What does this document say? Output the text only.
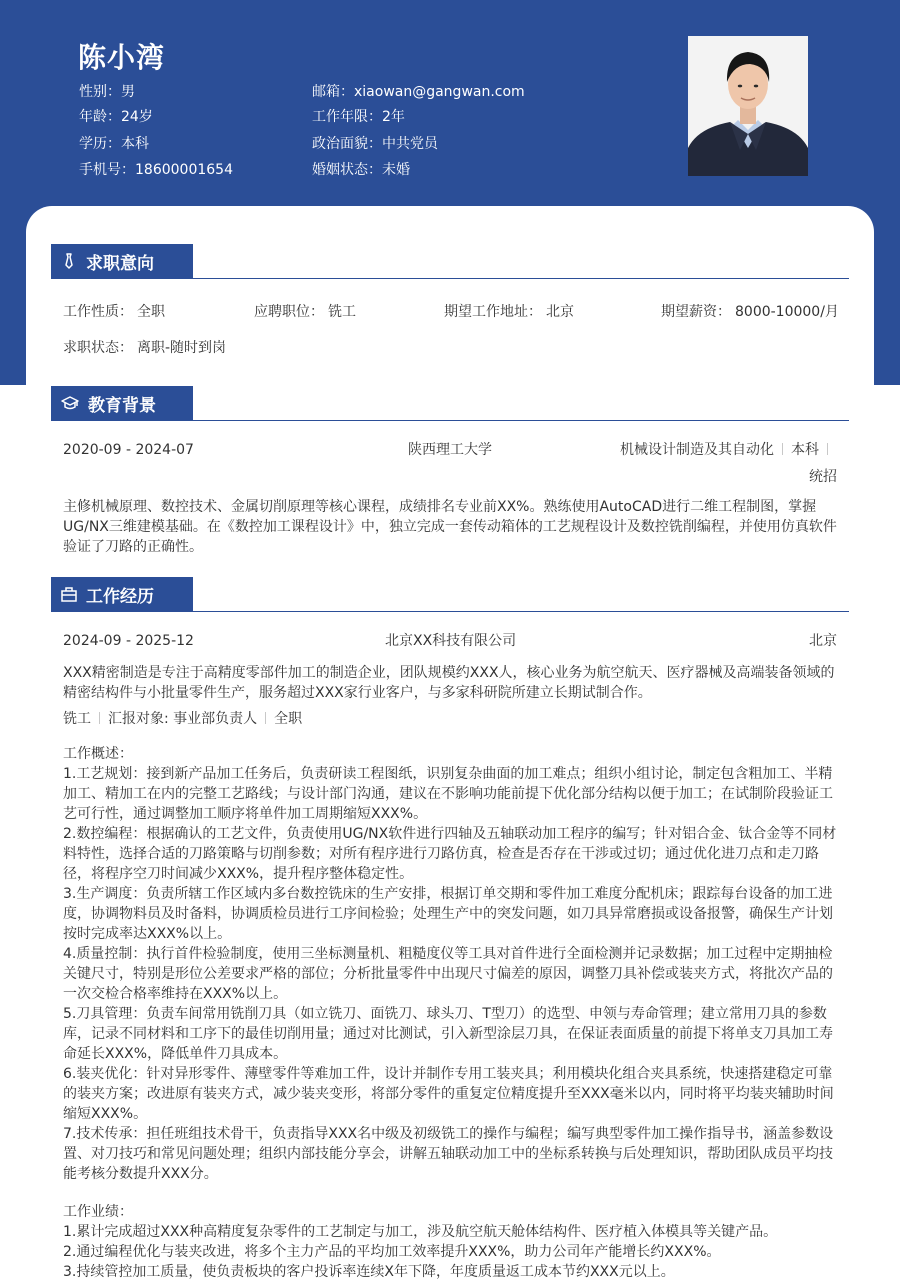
陈小湾
性别：男
年龄：24岁
学历：本科
手机号：18600001654
邮箱：xiaowan@gangwan.com
工作年限：2年
政治面貌：中共党员
婚姻状态：未婚
求职意向
工作性质： 全职	应聘职位： 铣工	期望工作地址： 北京	期望薪资： 8000-10000/月
求职状态： 离职-随时到岗
教育背景
2020-09 - 2024-07	陕西理工大学	机械设计制造及其自动化 本科
统招
主修机械原理、数控技术、金属切削原理等核心课程，成绩排名专业前XX%。熟练使用AutoCAD进行二维工程制图，掌握UG/NX三维建模基础。在《数控加工课程设计》中，独立完成一套传动箱体的工艺规程设计及数控铣削编程，并使用仿真软件验证了刀路的正确性。
工作经历
2024-09 - 2025-12	北京XX科技有限公司	北京
XXX精密制造是专注于高精度零部件加工的制造企业，团队规模约XXX人，核心业务为航空航天、医疗器械及高端装备领域的精密结构件与小批量零件生产，服务超过XXX家行业客户，与多家科研院所建立长期试制合作。
铣工 汇报对象: 事业部负责人 全职

工作概述：

1.工艺规划：接到新产品加工任务后，负责研读工程图纸，识别复杂曲面的加工难点；组织小组讨论，制定包含粗加工、半精加工、精加工在内的完整工艺路线；与设计部门沟通，建议在不影响功能前提下优化部分结构以便于加工；在试制阶段验证工艺可行性，通过调整加工顺序将单件加工周期缩短XXX%。

2.数控编程：根据确认的工艺文件，负责使用UG/NX软件进行四轴及五轴联动加工程序的编写；针对铝合金、钛合金等不同材料特性，选择合适的刀路策略与切削参数；对所有程序进行刀路仿真，检查是否存在干涉或过切；通过优化进刀点和走刀路径，将程序空刀时间减少XXX%，提升程序整体稳定性。

3.生产调度：负责所辖工作区域内多台数控铣床的生产安排，根据订单交期和零件加工难度分配机床；跟踪每台设备的加工进度，协调物料员及时备料，协调质检员进行工序间检验；处理生产中的突发问题，如刀具异常磨损或设备报警，确保生产计划按时完成率达XXX%以上。

4.质量控制：执行首件检验制度，使用三坐标测量机、粗糙度仪等工具对首件进行全面检测并记录数据；加工过程中定期抽检关键尺寸，特别是形位公差要求严格的部位；分析批量零件中出现尺寸偏差的原因，调整刀具补偿或装夹方式，将批次产品的一次交检合格率维持在XXX%以上。

5.刀具管理：负责车间常用铣削刀具（如立铣刀、面铣刀、球头刀、T型刀）的选型、申领与寿命管理；建立常用刀具的参数库，记录不同材料和工序下的最佳切削用量；通过对比测试，引入新型涂层刀具，在保证表面质量的前提下将单支刀具加工寿命延长XXX%，降低单件刀具成本。

6.装夹优化：针对异形零件、薄壁零件等难加工件，设计并制作专用工装夹具；利用模块化组合夹具系统，快速搭建稳定可靠的装夹方案；改进原有装夹方式，减少装夹变形，将部分零件的重复定位精度提升至XXX毫米以内，同时将平均装夹辅助时间缩短XXX%。

7.技术传承：担任班组技术骨干，负责指导XXX名中级及初级铣工的操作与编程；编写典型零件加工操作指导书，涵盖参数设置、对刀技巧和常见问题处理；组织内部技能分享会，讲解五轴联动加工中的坐标系转换与后处理知识，帮助团队成员平均技能考核分数提升XXX分。

工作业绩：

1.累计完成超过XXX种高精度复杂零件的工艺制定与加工，涉及航空航天舱体结构件、医疗植入体模具等关键产品。

2.通过编程优化与装夹改进，将多个主力产品的平均加工效率提升XXX%，助力公司年产能增长约XXX%。

3.持续管控加工质量，使负责板块的客户投诉率连续X年下降，年度质量返工成本节约XXX元以上。
